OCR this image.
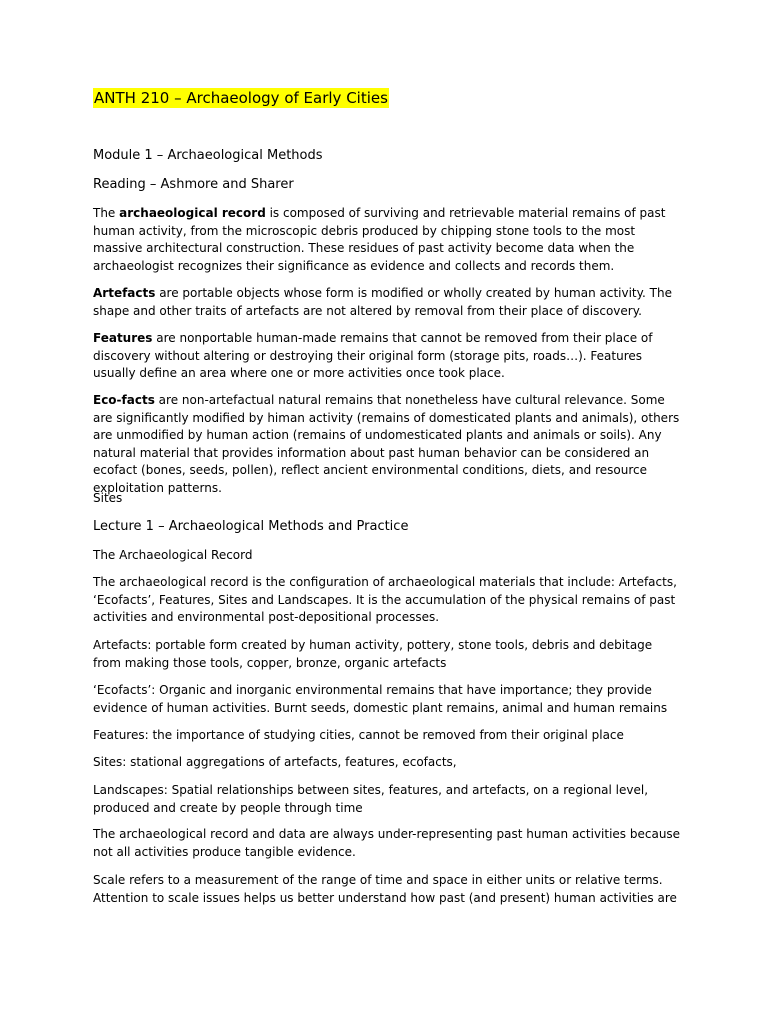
ANTH 210 – Archaeology of Early Cities
Module 1 – Archaeological Methods
Reading – Ashmore and Sharer
The archaeological record is composed of surviving and retrievable material remains of past human activity, from the microscopic debris produced by chipping stone tools to the most massive architectural construction. These residues of past activity become data when the archaeologist recognizes their significance as evidence and collects and records them.
Artefacts are portable objects whose form is modified or wholly created by human activity. The shape and other traits of artefacts are not altered by removal from their place of discovery.
Features are nonportable human-made remains that cannot be removed from their place of discovery without altering or destroying their original form (storage pits, roads…). Features usually define an area where one or more activities once took place.
Eco-facts are non-artefactual natural remains that nonetheless have cultural relevance. Some are significantly modified by himan activity (remains of domesticated plants and animals), others are unmodified by human action (remains of undomesticated plants and animals or soils). Any natural material that provides information about past human behavior can be considered an ecofact (bones, seeds, pollen), reflect ancient environmental conditions, diets, and resource exploitation patterns.
Sites
Lecture 1 – Archaeological Methods and Practice
The Archaeological Record
The archaeological record is the configuration of archaeological materials that include: Artefacts, ‘Ecofacts’, Features, Sites and Landscapes. It is the accumulation of the physical remains of past activities and environmental post-depositional processes.
Artefacts: portable form created by human activity, pottery, stone tools, debris and debitage from making those tools, copper, bronze, organic artefacts
‘Ecofacts’: Organic and inorganic environmental remains that have importance; they provide evidence of human activities. Burnt seeds, domestic plant remains, animal and human remains
Features: the importance of studying cities, cannot be removed from their original place
Sites: stational aggregations of artefacts, features, ecofacts,
Landscapes: Spatial relationships between sites, features, and artefacts, on a regional level, produced and create by people through time
The archaeological record and data are always under-representing past human activities because not all activities produce tangible evidence.
Scale refers to a measurement of the range of time and space in either units or relative terms. Attention to scale issues helps us better understand how past (and present) human activities are
